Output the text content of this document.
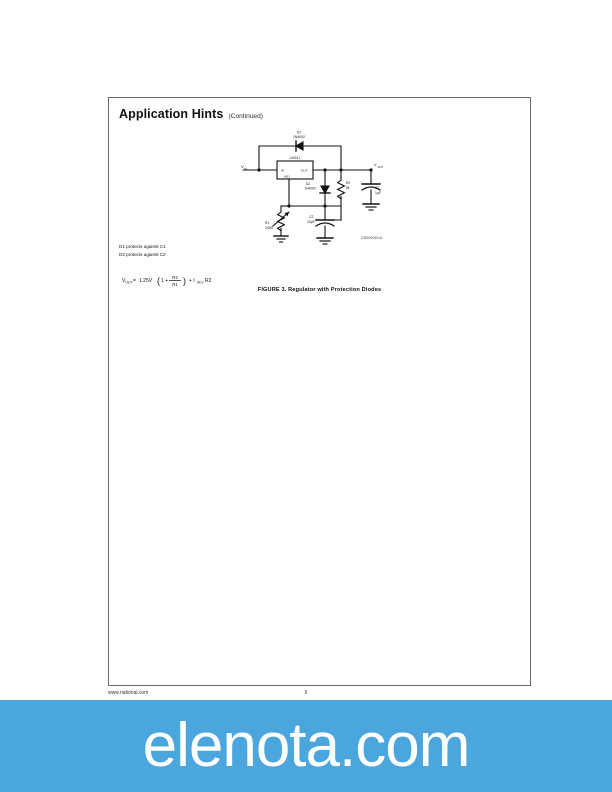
Application Hints (Continued)
D1
1N4002
V
IN
LM317
IN	OUT
ADJ
D2
1N4002
R2
5k
R1
240Ω
C2
10µF
C1
1µF
V
OUT
DS009063-6
D1 protects against C1
D2 protects against C2
V OUT = 1.25V ( 1 +
R2
R1 ) + I ADJ R2
FIGURE 3. Regulator with Protection Diodes
www.national.com	6
elenota.com
